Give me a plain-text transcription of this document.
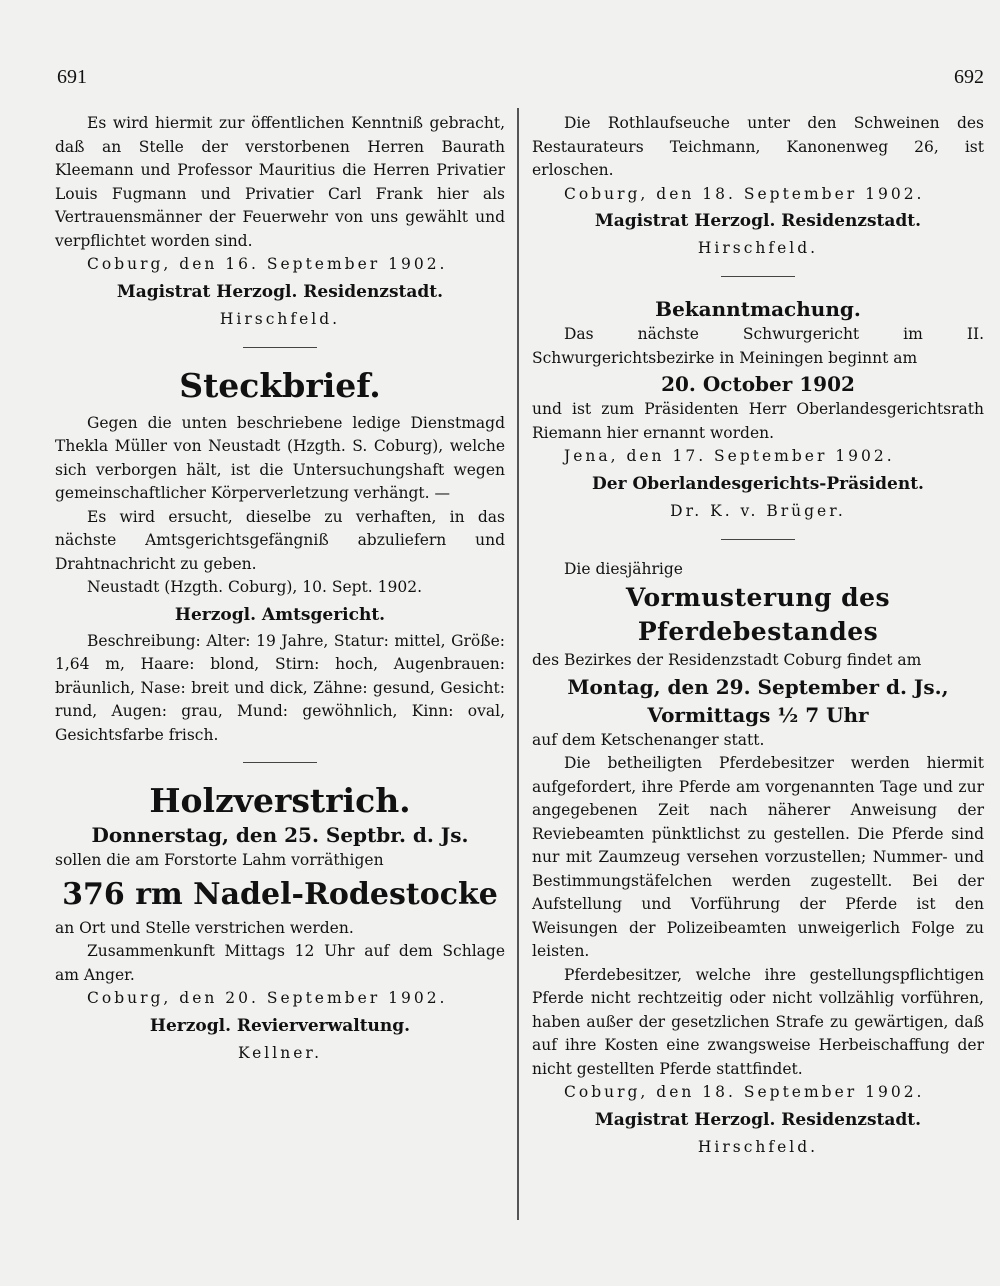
691	692

Es wird hiermit zur öffentlichen Kenntniß gebracht, daß an Stelle der verstorbenen Herren Baurath Kleemann und Professor Mauritius die Herren Privatier Louis Fugmann und Privatier Carl Frank hier als Vertrauensmänner der Feuerwehr von uns gewählt und verpflichtet worden sind.

Coburg, den 16. September 1902.

Magistrat Herzogl. Residenzstadt.

Hirschfeld.

Steckbrief.

Gegen die unten beschriebene ledige Dienstmagd Thekla Müller von Neustadt (Hzgth. S. Coburg), welche sich verborgen hält, ist die Untersuchungshaft wegen gemeinschaftlicher Körperverletzung verhängt. —

Es wird ersucht, dieselbe zu verhaften, in das nächste Amtsgerichtsgefängniß abzuliefern und Drahtnachricht zu geben.

Neustadt (Hzgth. Coburg), 10. Sept. 1902.

Herzogl. Amtsgericht.

Beschreibung: Alter: 19 Jahre, Statur: mittel, Größe: 1,64 m, Haare: blond, Stirn: hoch, Augenbrauen: bräunlich, Nase: breit und dick, Zähne: gesund, Gesicht: rund, Augen: grau, Mund: gewöhnlich, Kinn: oval, Gesichtsfarbe frisch.

Holzverstrich.

Donnerstag, den 25. Septbr. d. Js.

sollen die am Forstorte Lahm vorräthigen

376 rm Nadel-Rodestocke

an Ort und Stelle verstrichen werden.

Zusammenkunft Mittags 12 Uhr auf dem Schlage am Anger.

Coburg, den 20. September 1902.

Herzogl. Revierverwaltung.

Kellner.

Die Rothlaufseuche unter den Schweinen des Restaurateurs Teichmann, Kanonenweg 26, ist erloschen.

Coburg, den 18. September 1902.

Magistrat Herzogl. Residenzstadt.

Hirschfeld.

Bekanntmachung.

Das nächste Schwurgericht im II. Schwurgerichtsbezirke in Meiningen beginnt am

20. October 1902

und ist zum Präsidenten Herr Oberlandesgerichtsrath Riemann hier ernannt worden.

Jena, den 17. September 1902.

Der Oberlandesgerichts-Präsident.

Dr. K. v. Brüger.

Die diesjährige

Vormusterung des Pferdebestandes

des Bezirkes der Residenzstadt Coburg findet am

Montag, den 29. September d. Js.,

Vormittags ½ 7 Uhr

auf dem Ketschenanger statt.

Die betheiligten Pferdebesitzer werden hiermit aufgefordert, ihre Pferde am vorgenannten Tage und zur angegebenen Zeit nach näherer Anweisung der Reviebeamten pünktlichst zu gestellen. Die Pferde sind nur mit Zaumzeug versehen vorzustellen; Nummer- und Bestimmungstäfelchen werden zugestellt. Bei der Aufstellung und Vorführung der Pferde ist den Weisungen der Polizeibeamten unweigerlich Folge zu leisten.

Pferdebesitzer, welche ihre gestellungspflichtigen Pferde nicht rechtzeitig oder nicht vollzählig vorführen, haben außer der gesetzlichen Strafe zu gewärtigen, daß auf ihre Kosten eine zwangsweise Herbeischaffung der nicht gestellten Pferde stattfindet.

Coburg, den 18. September 1902.

Magistrat Herzogl. Residenzstadt.

Hirschfeld.
